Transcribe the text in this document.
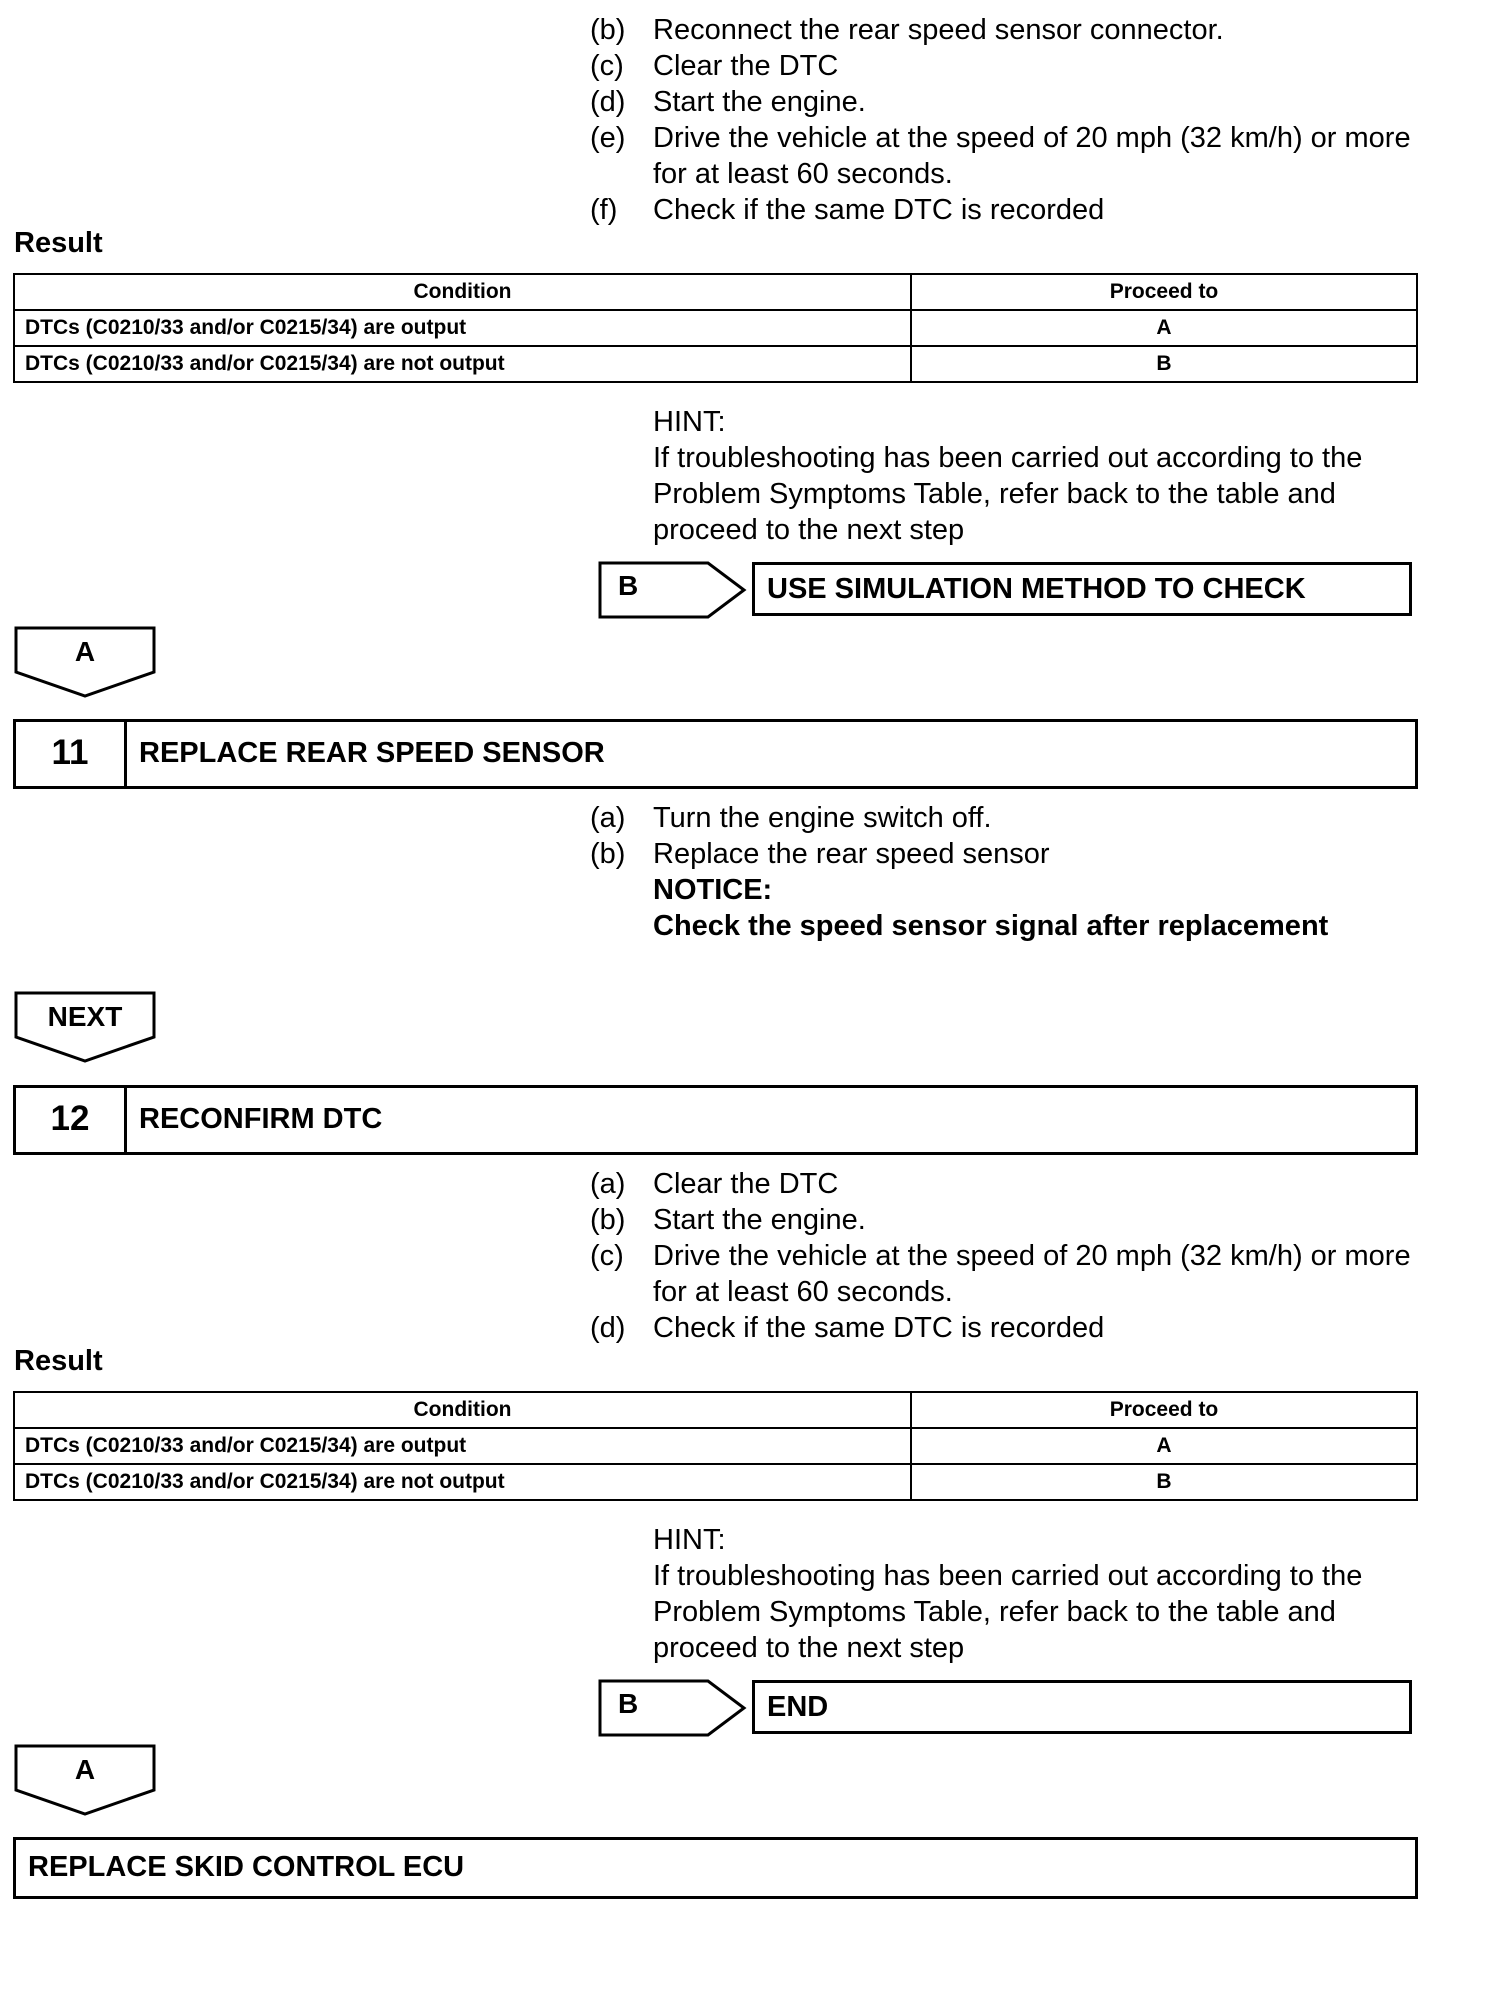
(b) Reconnect the rear speed sensor connector.
(c)	Clear the DTC
(d) Start the engine.
(e) Drive the vehicle at the speed of 20 mph (32 km/h) or more for at least 60 seconds.
(f)	Check if the same DTC is recorded
Result
Condition	Proceed to
DTCs (C0210/33 and/or C0215/34) are output	A
DTCs (C0210/33 and/or C0215/34) are not output	B
HINT:
If troubleshooting has been carried out according to the Problem Symptoms Table, refer back to the table and proceed to the next step
B	USE SIMULATION METHOD TO CHECK
A
11	REPLACE REAR SPEED SENSOR
(a) Turn the engine switch off.
(b) Replace the rear speed sensor
NOTICE:
Check the speed sensor signal after replacement
NEXT
12	RECONFIRM DTC
(a) Clear the DTC
(b) Start the engine.
(c)	Drive the vehicle at the speed of 20 mph (32 km/h) or more for at least 60 seconds.
(d) Check if the same DTC is recorded
Result
Condition	Proceed to
DTCs (C0210/33 and/or C0215/34) are output	A
DTCs (C0210/33 and/or C0215/34) are not output	B
HINT:
If troubleshooting has been carried out according to the Problem Symptoms Table, refer back to the table and proceed to the next step
B	END
A
REPLACE SKID CONTROL ECU
